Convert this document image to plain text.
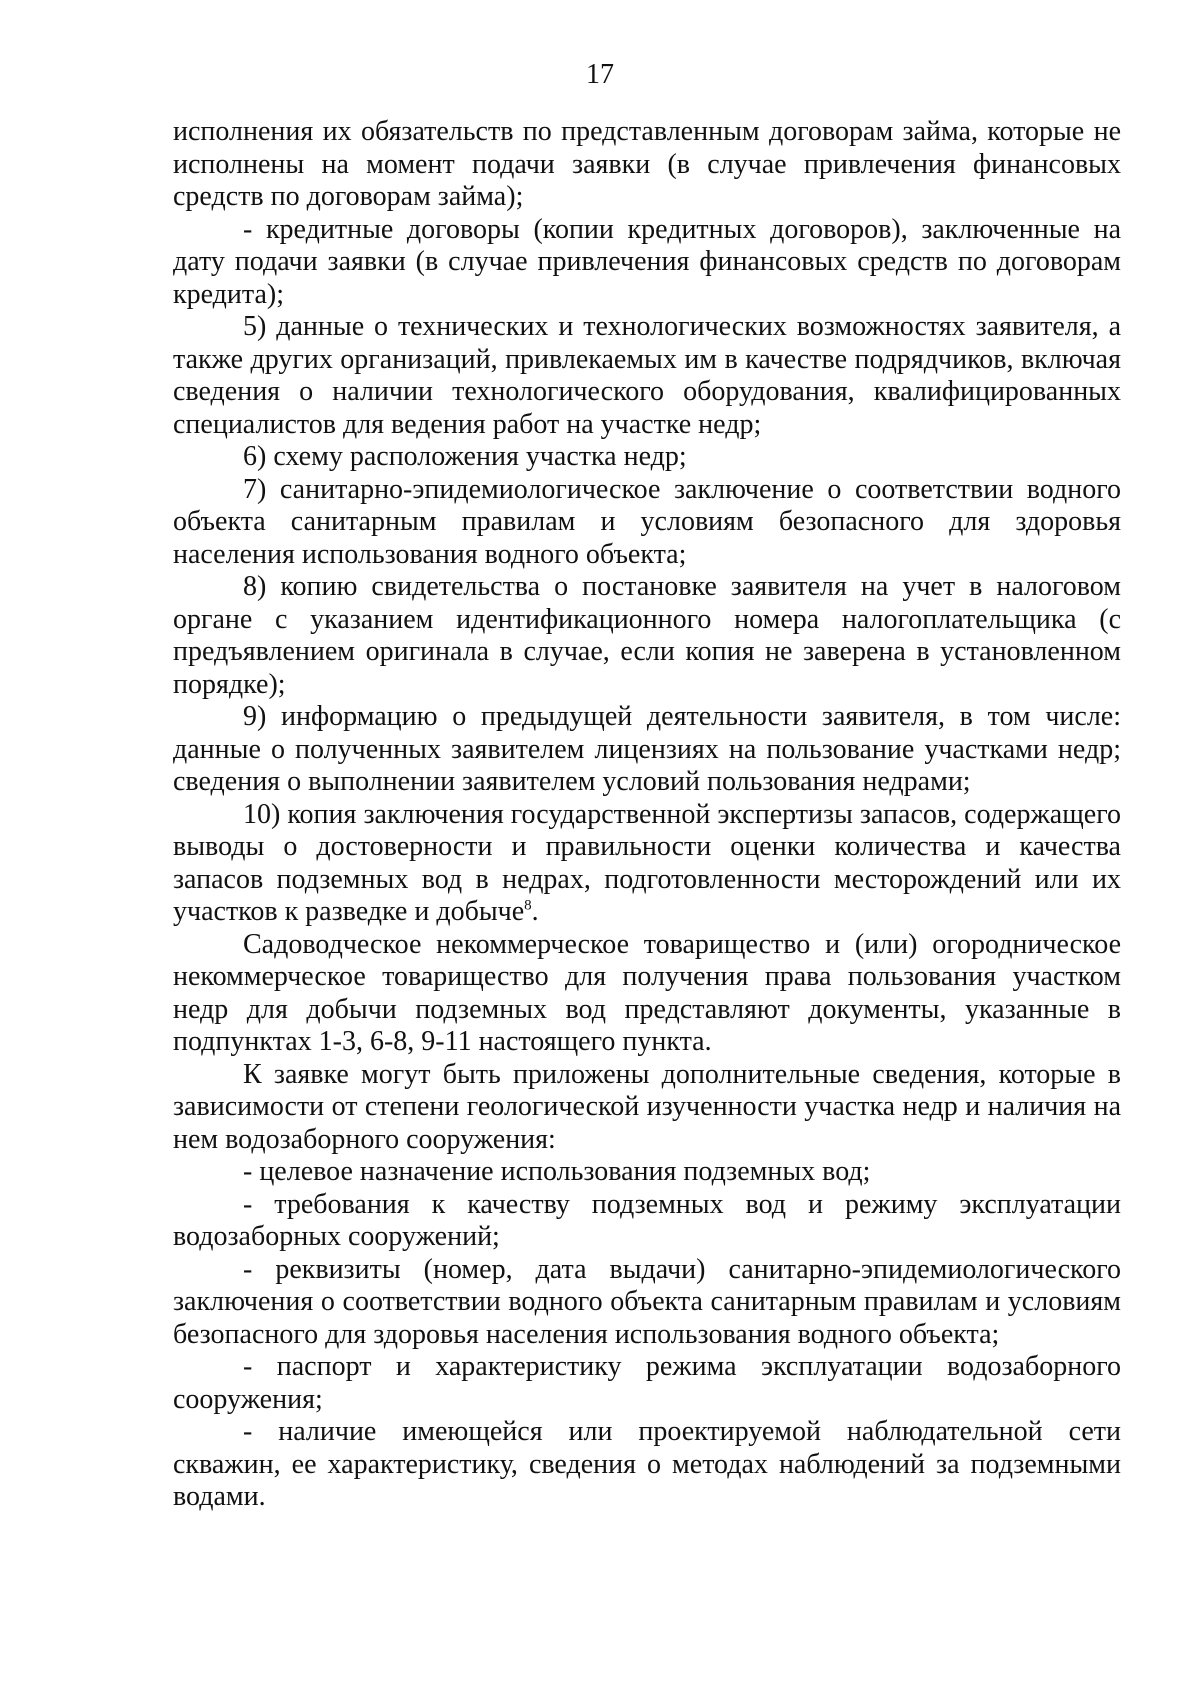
17

исполнения их обязательств по представленным договорам займа, которые не исполнены на момент подачи заявки (в случае привлечения финансовых средств по договорам займа);

- кредитные договоры (копии кредитных договоров), заключенные на дату подачи заявки (в случае привлечения финансовых средств по договорам кредита);

5) данные о технических и технологических возможностях заявителя, а также других организаций, привлекаемых им в качестве подрядчиков, включая сведения о наличии технологического оборудования, квалифицированных специалистов для ведения работ на участке недр;

6) схему расположения участка недр;

7) санитарно-эпидемиологическое заключение о соответствии водного объекта санитарным правилам и условиям безопасного для здоровья населения использования водного объекта;

8) копию свидетельства о постановке заявителя на учет в налоговом органе с указанием идентификационного номера налогоплательщика (с предъявлением оригинала в случае, если копия не заверена в установленном порядке);

9) информацию о предыдущей деятельности заявителя, в том числе: данные о полученных заявителем лицензиях на пользование участками недр; сведения о выполнении заявителем условий пользования недрами;

10) копия заключения государственной экспертизы запасов, содержащего выводы о достоверности и правильности оценки количества и качества запасов подземных вод в недрах, подготовленности месторождений или их участков к разведке и добыче$^8$.

Садоводческое некоммерческое товарищество и (или) огородническое некоммерческое товарищество для получения права пользования участком недр для добычи подземных вод представляют документы, указанные в подпунктах 1-3, 6-8, 9-11 настоящего пункта.

К заявке могут быть приложены дополнительные сведения, которые в зависимости от степени геологической изученности участка недр и наличия на нем водозаборного сооружения:

- целевое назначение использования подземных вод;

- требования к качеству подземных вод и режиму эксплуатации водозаборных сооружений;

- реквизиты (номер, дата выдачи) санитарно-эпидемиологического заключения о соответствии водного объекта санитарным правилам и условиям безопасного для здоровья населения использования водного объекта;

- паспорт и характеристику режима эксплуатации водозаборного сооружения;

- наличие имеющейся или проектируемой наблюдательной сети скважин, ее характеристику, сведения о методах наблюдений за подземными водами.
